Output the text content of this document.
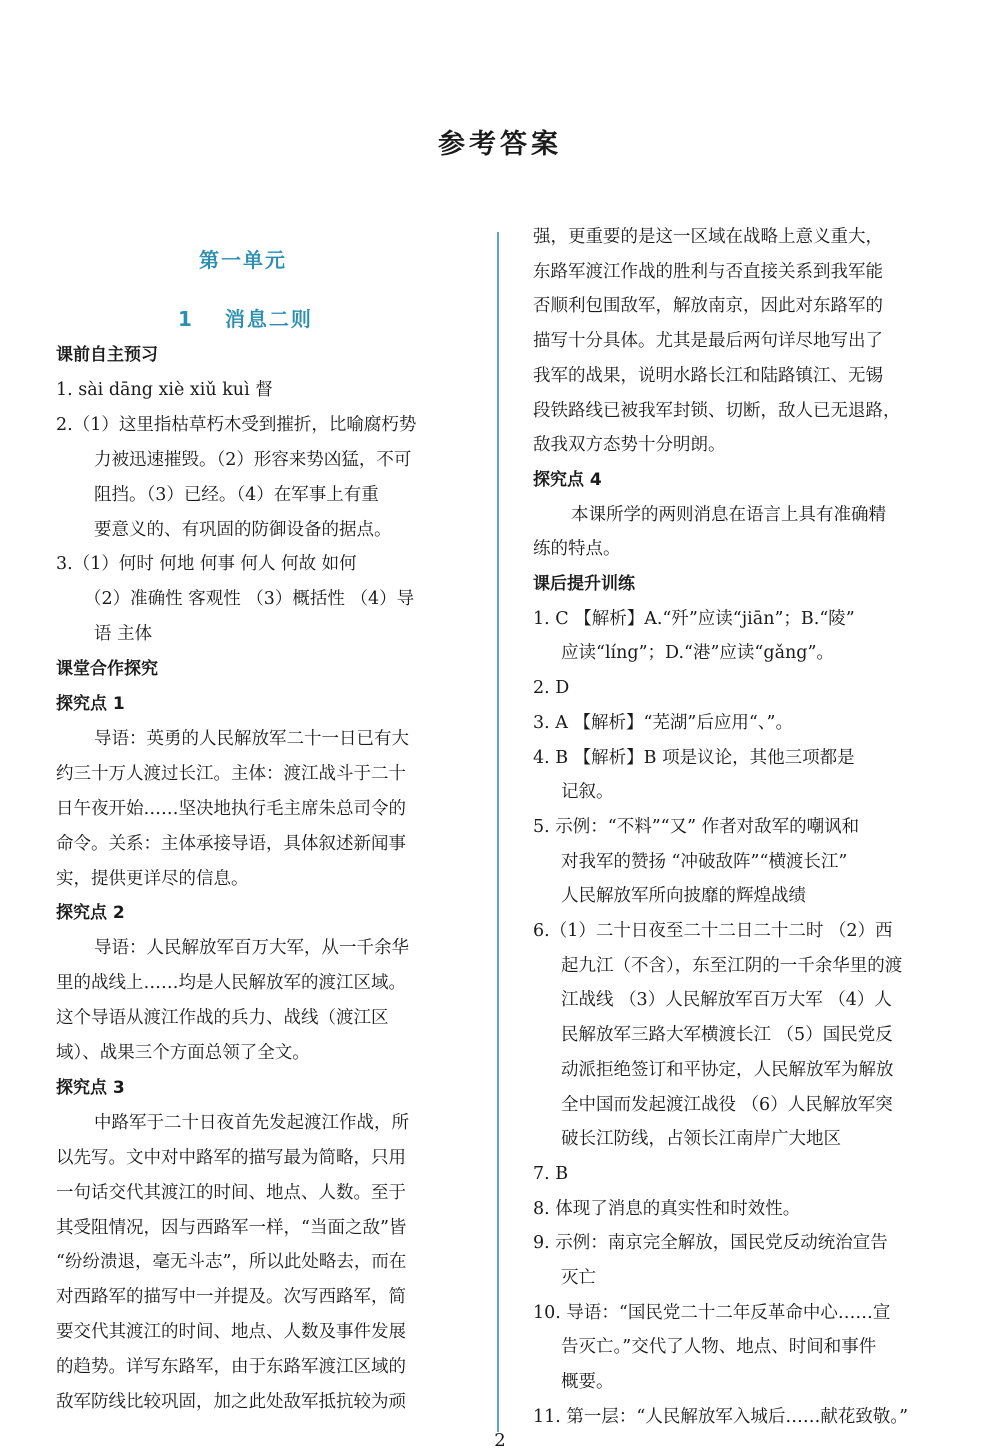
参考答案
第一单元
1　 消息二则
课前自主预习
1. sài dāng xiè xiǔ kuì 督
2.（1）这里指枯草朽木受到摧折，比喻腐朽势
力被迅速摧毁。（2）形容来势凶猛，不可
阻挡。（3）已经。（4）在军事上有重
要意义的、有巩固的防御设备的据点。
3.（1）何时 何地 何事 何人 何故 如何
（2）准确性 客观性 （3）概括性 （4）导
语 主体
课堂合作探究
探究点 1
导语：英勇的人民解放军二十一日已有大
约三十万人渡过长江。主体：渡江战斗于二十
日午夜开始……坚决地执行毛主席朱总司令的
命令。关系：主体承接导语，具体叙述新闻事
实，提供更详尽的信息。
探究点 2
导语：人民解放军百万大军，从一千余华
里的战线上……均是人民解放军的渡江区域。
这个导语从渡江作战的兵力、战线（渡江区
域）、战果三个方面总领了全文。
探究点 3
中路军于二十日夜首先发起渡江作战，所
以先写。文中对中路军的描写最为简略，只用
一句话交代其渡江的时间、地点、人数。至于
其受阻情况，因与西路军一样，“当面之敌”皆
“纷纷溃退，毫无斗志”，所以此处略去，而在
对西路军的描写中一并提及。次写西路军，简
要交代其渡江的时间、地点、人数及事件发展
的趋势。详写东路军，由于东路军渡江区域的
敌军防线比较巩固，加之此处敌军抵抗较为顽
强，更重要的是这一区域在战略上意义重大，
东路军渡江作战的胜利与否直接关系到我军能
否顺利包围敌军，解放南京，因此对东路军的
描写十分具体。尤其是最后两句详尽地写出了
我军的战果，说明水路长江和陆路镇江、无锡
段铁路线已被我军封锁、切断，敌人已无退路，
敌我双方态势十分明朗。
探究点 4
本课所学的两则消息在语言上具有准确精
练的特点。
课后提升训练
1. C 【解析】A.“歼”应读“jiān”；B.“陵”
应读“líng”；D.“港”应读“gǎng”。
2. D
3. A 【解析】“芜湖”后应用“、”。
4. B 【解析】B 项是议论，其他三项都是
记叙。
5. 示例：“不料”“又” 作者对敌军的嘲讽和
对我军的赞扬 “冲破敌阵”“横渡长江”
人民解放军所向披靡的辉煌战绩
6.（1）二十日夜至二十二日二十二时 （2）西
起九江（不含），东至江阴的一千余华里的渡
江战线 （3）人民解放军百万大军 （4）人
民解放军三路大军横渡长江 （5）国民党反
动派拒绝签订和平协定，人民解放军为解放
全中国而发起渡江战役 （6）人民解放军突
破长江防线，占领长江南岸广大地区
7. B
8. 体现了消息的真实性和时效性。
9. 示例：南京完全解放，国民党反动统治宣告
灭亡
10. 导语：“国民党二十二年反革命中心……宣
告灭亡。”交代了人物、地点、时间和事件
概要。
11. 第一层：“人民解放军入城后……献花致敬。”
2
